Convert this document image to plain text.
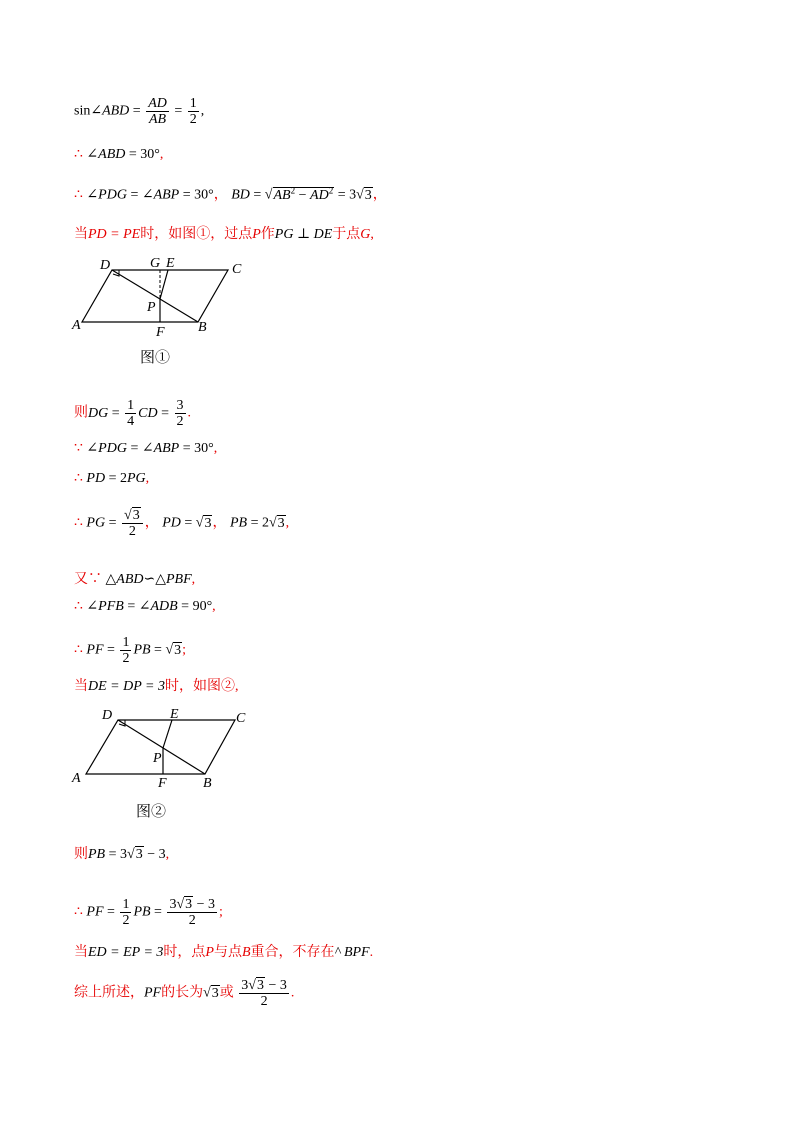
sin∠ABD = $\frac{AD}{AB} = \frac{1}{2}$ ,
∴ ∠ABD = 30°,
∴ ∠PDG = ∠ABP = 30°， BD = $√AB^2 - AD^2 = 3√3$，
当PD = PE时，如图①，过点P作PG ⊥ DE于点G,
D	G E	C
P
A	F B
图①
则DG = $\frac{1}{4}$ CD = $\frac{3}{2}$ .
∵ ∠PDG = ∠ABP = 30°,
∴ PD = 2PG,
∴ PG = $\frac{√3}{2}$ ， PD = √3， PB = 2√3,
又∵ △ABD∽△PBF,
∴ ∠PFB = ∠ADB = 90°,
∴ PF = $\frac{1}{2}$ PB = √3;
当DE = DP = 3时，如图②,
D	E	C
P
A	F	B
图②
则PB = 3√3 − 3,
∴ PF = $\frac{1}{2}$ PB = $\frac{3√3 - 3}{2}$ ;
当ED = EP = 3时，点P与点B重合，不存在^ BPF.
综上所述，PF的长为√3或 $\frac{3√3 - 3}{2}$ .
